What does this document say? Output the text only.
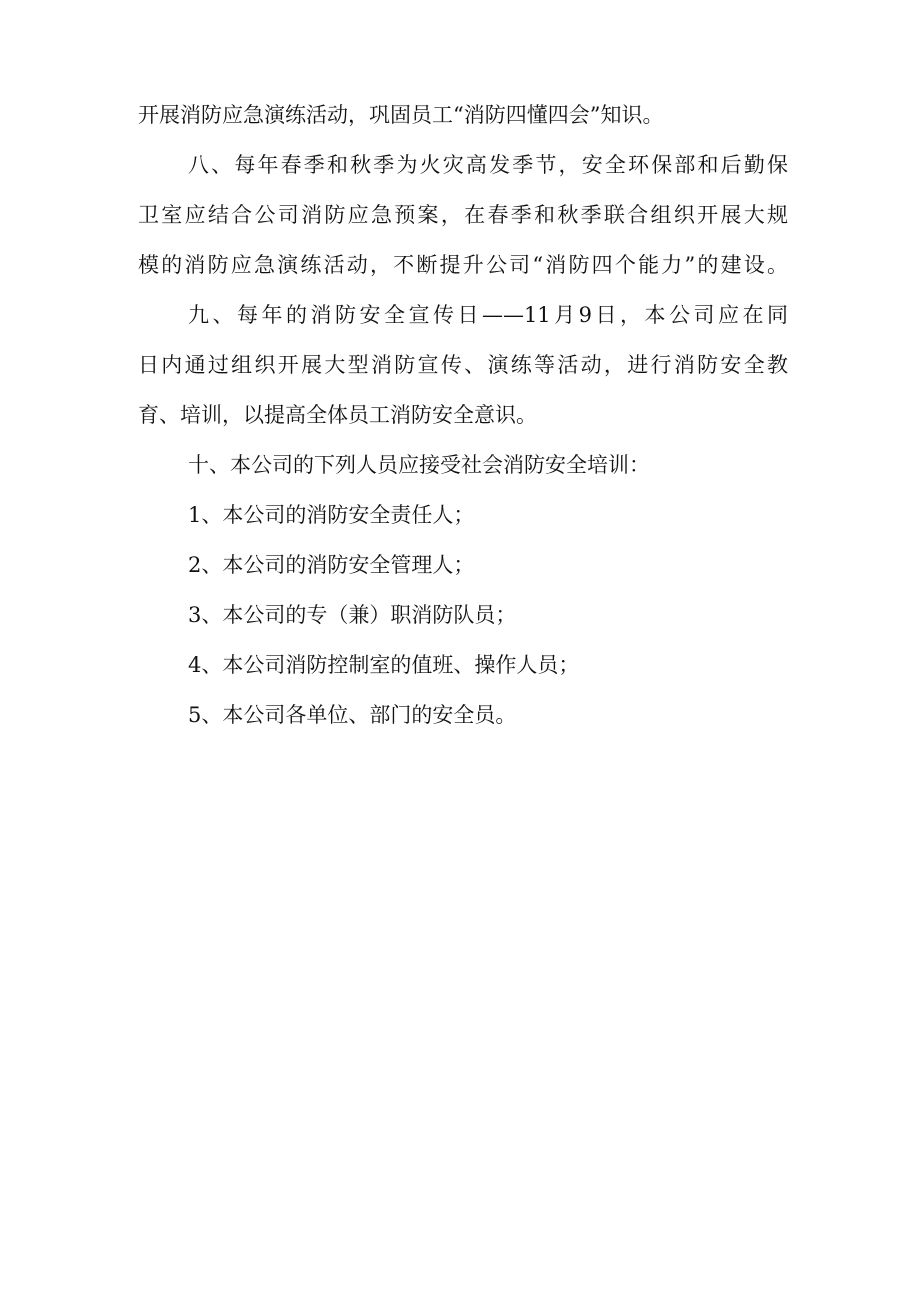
开展消防应急演练活动，巩固员工“消防四懂四会”知识。
八、每年春季和秋季为火灾高发季节，安全环保部和后勤保
卫室应结合公司消防应急预案，在春季和秋季联合组织开展大规
模的消防应急演练活动，不断提升公司“消防四个能力”的建设。
九、每年的消防安全宣传日——11月9日，本公司应在同
日内通过组织开展大型消防宣传、演练等活动，进行消防安全教
育、培训，以提高全体员工消防安全意识。
十、本公司的下列人员应接受社会消防安全培训：
1、本公司的消防安全责任人；
2、本公司的消防安全管理人；
3、本公司的专（兼）职消防队员；
4、本公司消防控制室的值班、操作人员；
5、本公司各单位、部门的安全员。
